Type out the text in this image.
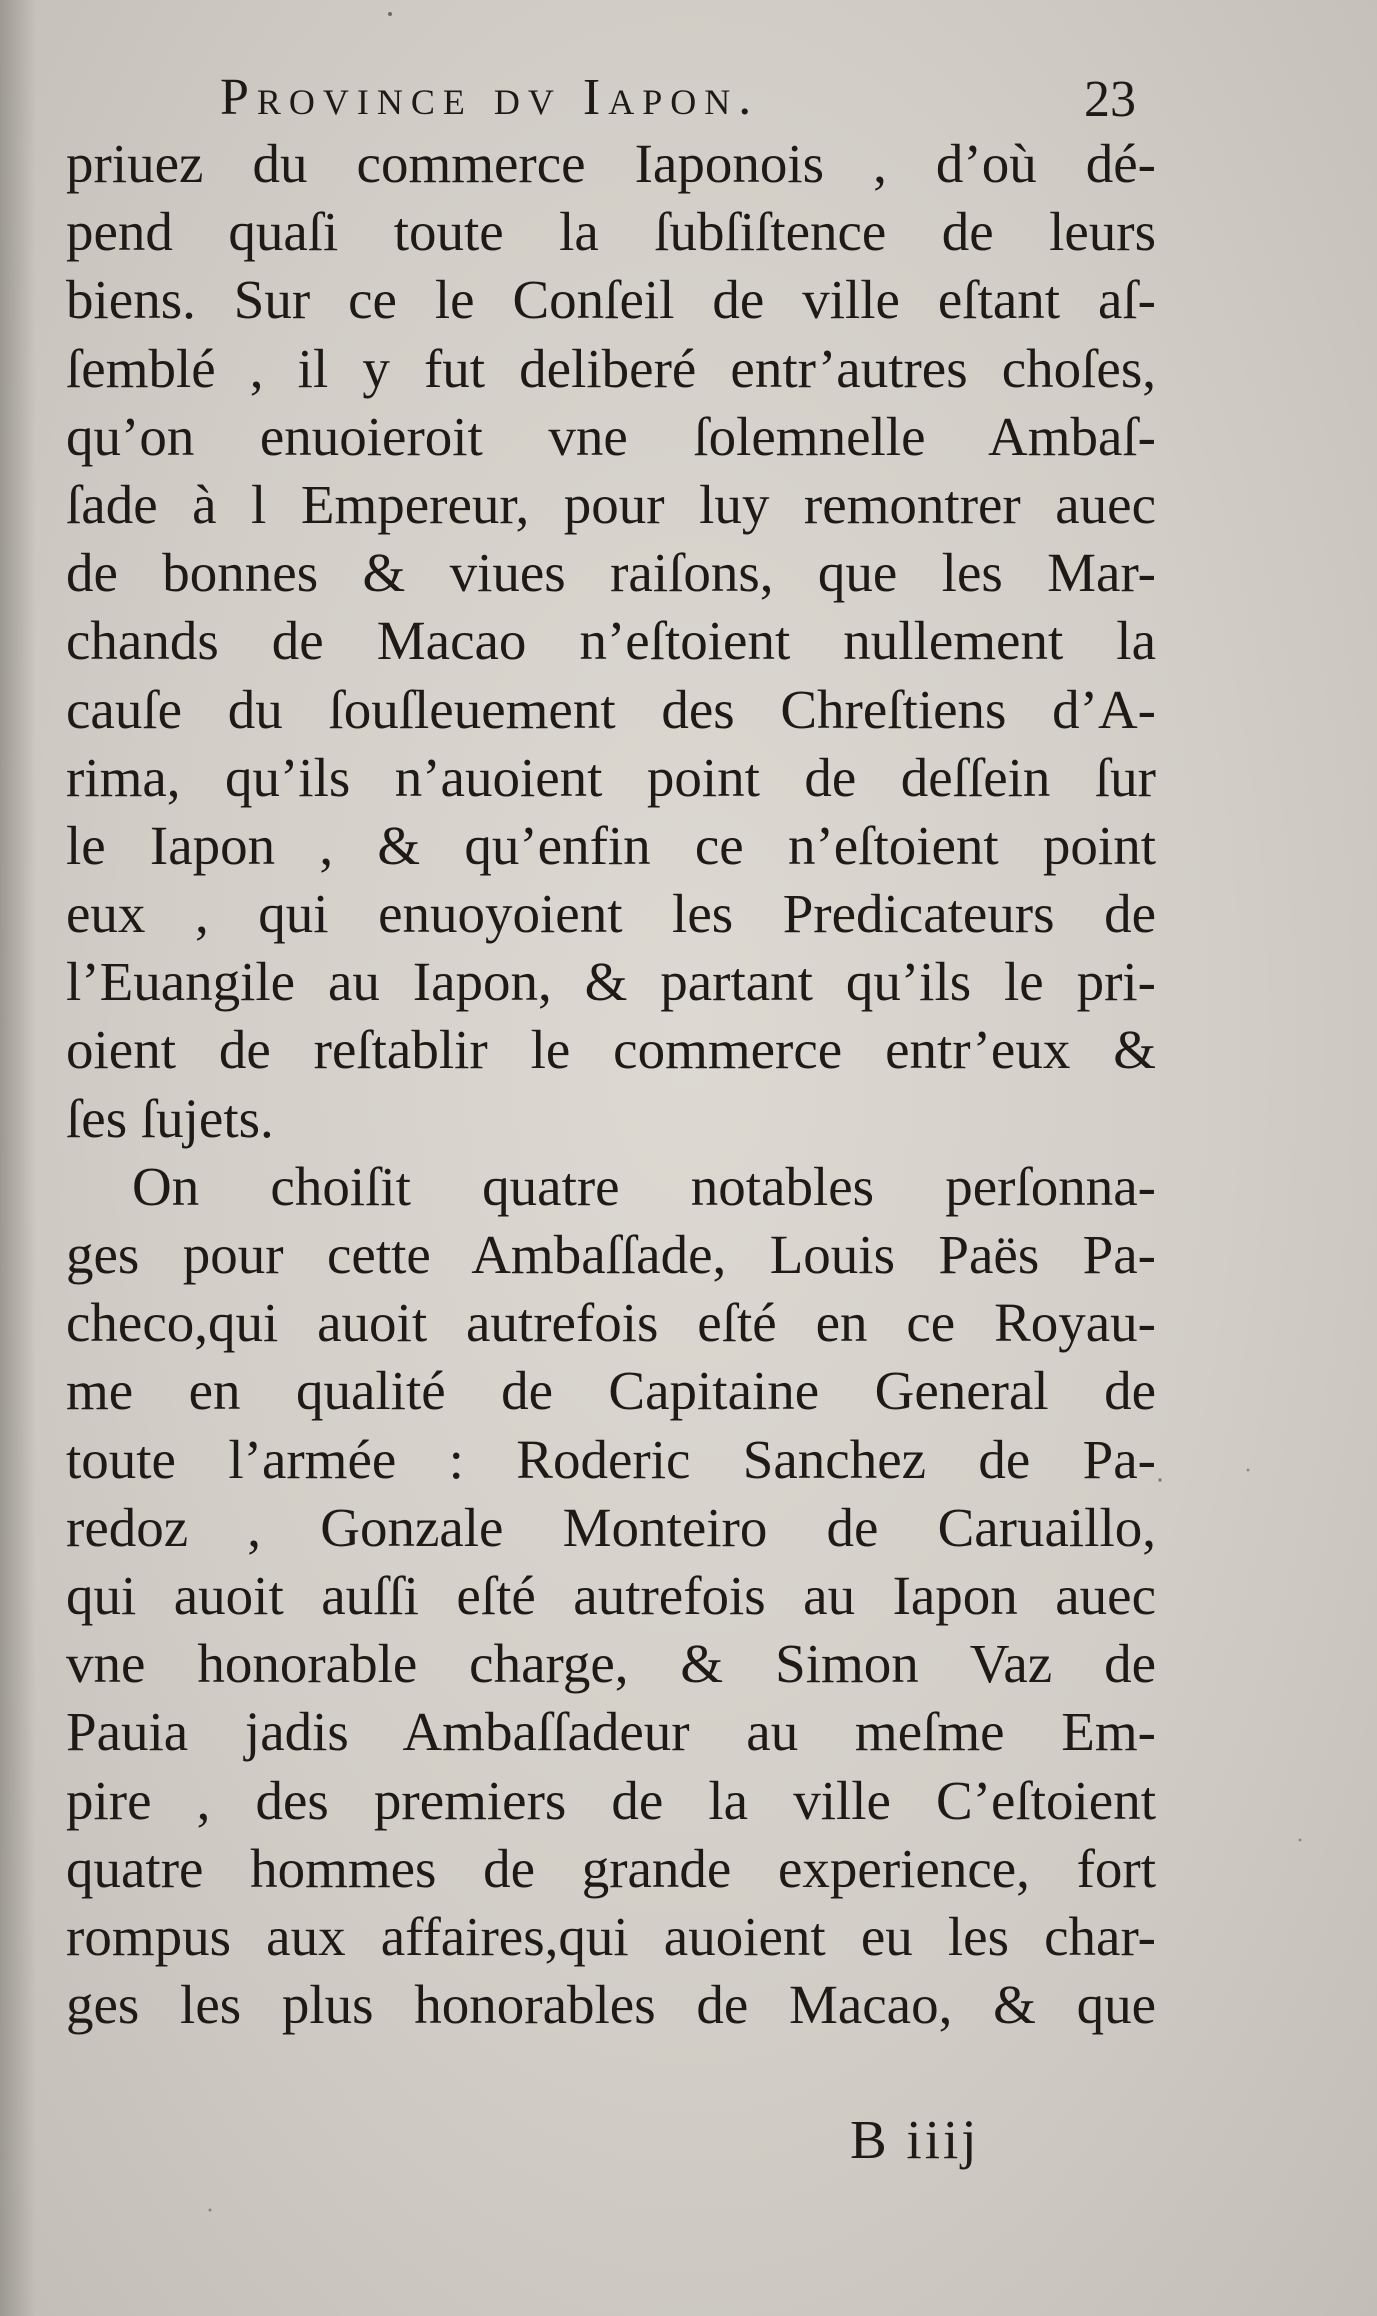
Province dv Iapon.	23
priuez du commerce Iaponois , d’où dé-
pend quaſi toute la ſubſiſtence de leurs
biens. Sur ce le Conſeil de ville eſtant aſ-
ſemblé , il y fut deliberé entr’autres choſes,
qu’on enuoieroit vne ſolemnelle Ambaſ-
ſade à l Empereur, pour luy remontrer auec
de bonnes & viues raiſons, que les Mar-
chands de Macao n’eſtoient nullement la
cauſe du ſouſleuement des Chreſtiens d’A-
rima, qu’ils n’auoient point de deſſein ſur
le Iapon , & qu’enfin ce n’eſtoient point
eux , qui enuoyoient les Predicateurs de
l’Euangile au Iapon, & partant qu’ils le pri-
oient de reſtablir le commerce entr’eux &
ſes ſujets.
On choiſit quatre notables perſonna-
ges pour cette Ambaſſade, Louis Paës Pa-
checo,qui auoit autrefois eſté en ce Royau-
me en qualité de Capitaine General de
toute l’armée : Roderic Sanchez de Pa-
redoz , Gonzale Monteiro de Caruaillo,
qui auoit auſſi eſté autrefois au Iapon auec
vne honorable charge, & Simon Vaz de
Pauia jadis Ambaſſadeur au meſme Em-
pire , des premiers de la ville C’eſtoient
quatre hommes de grande experience, fort
rompus aux affaires,qui auoient eu les char-
ges les plus honorables de Macao, & que
B iiij
